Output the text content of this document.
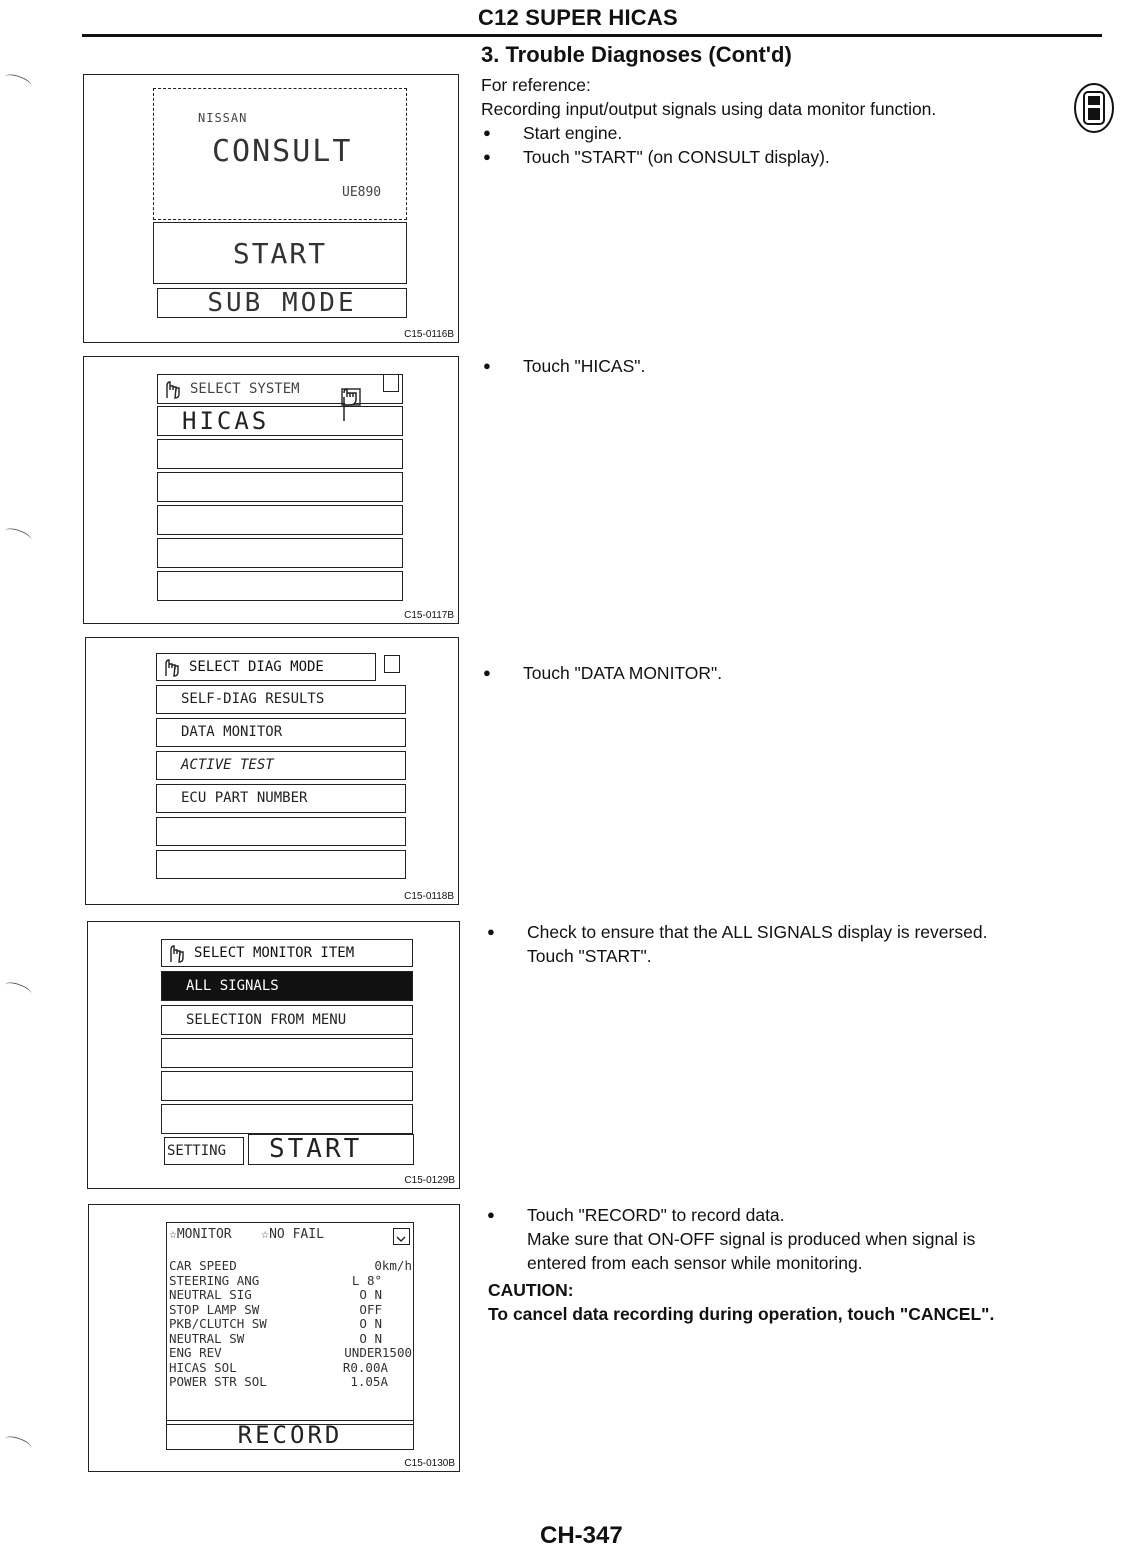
C12 SUPER HICAS
3. Trouble Diagnoses (Cont'd)
For reference:
Recording input/output signals using data monitor function.
● Start engine.
● Touch "START" (on CONSULT display).
● Touch "HICAS".
● Touch "DATA MONITOR".
● Check to ensure that the ALL SIGNALS display is reversed.
Touch "START".
● Touch "RECORD" to record data.
Make sure that ON-OFF signal is produced when signal is
entered from each sensor while monitoring.
CAUTION:
To cancel data recording during operation, touch "CANCEL".
NISSAN
CONSULT
UE890
START
SUB MODE
C15-0116B
SELECT SYSTEM
HICAS
C15-0117B
SELECT DIAG MODE
SELF-DIAG RESULTS
DATA MONITOR
ACTIVE TEST
ECU PART NUMBER
C15-0118B
SELECT MONITOR ITEM
ALL SIGNALS
SELECTION FROM MENU
SETTING START
C15-0129B
☆MONITOR ☆NO FAIL
CAR SPEED	0km/h
STEERING ANG	L 8°
NEUTRAL SIG	O N
STOP LAMP SW	OFF
PKB/CLUTCH SW	O N
NEUTRAL SW	O N
ENG REV	UNDER1500
HICAS SOL	R0.00A
POWER STR SOL	1.05A
RECORD
C15-0130B
CH-347
